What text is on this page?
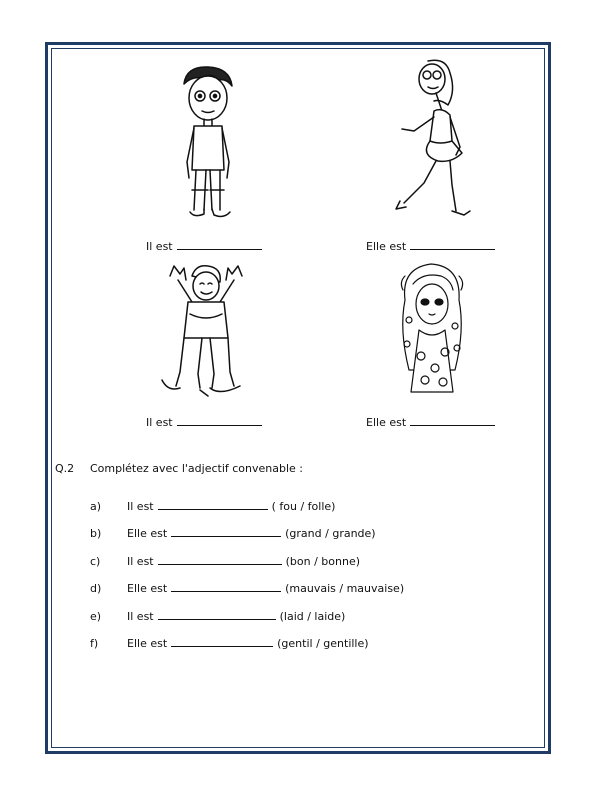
Il est	Elle est
Il est	Elle est
Q.2 Complétez avec l'adjectif convenable :
a)	Il est	( fou / folle)
b)	Elle est	(grand / grande)
c)	Il est	(bon / bonne)
d)	Elle est	(mauvais / mauvaise)
e)	Il est	(laid / laide)
f)	Elle est	(gentil / gentille)
